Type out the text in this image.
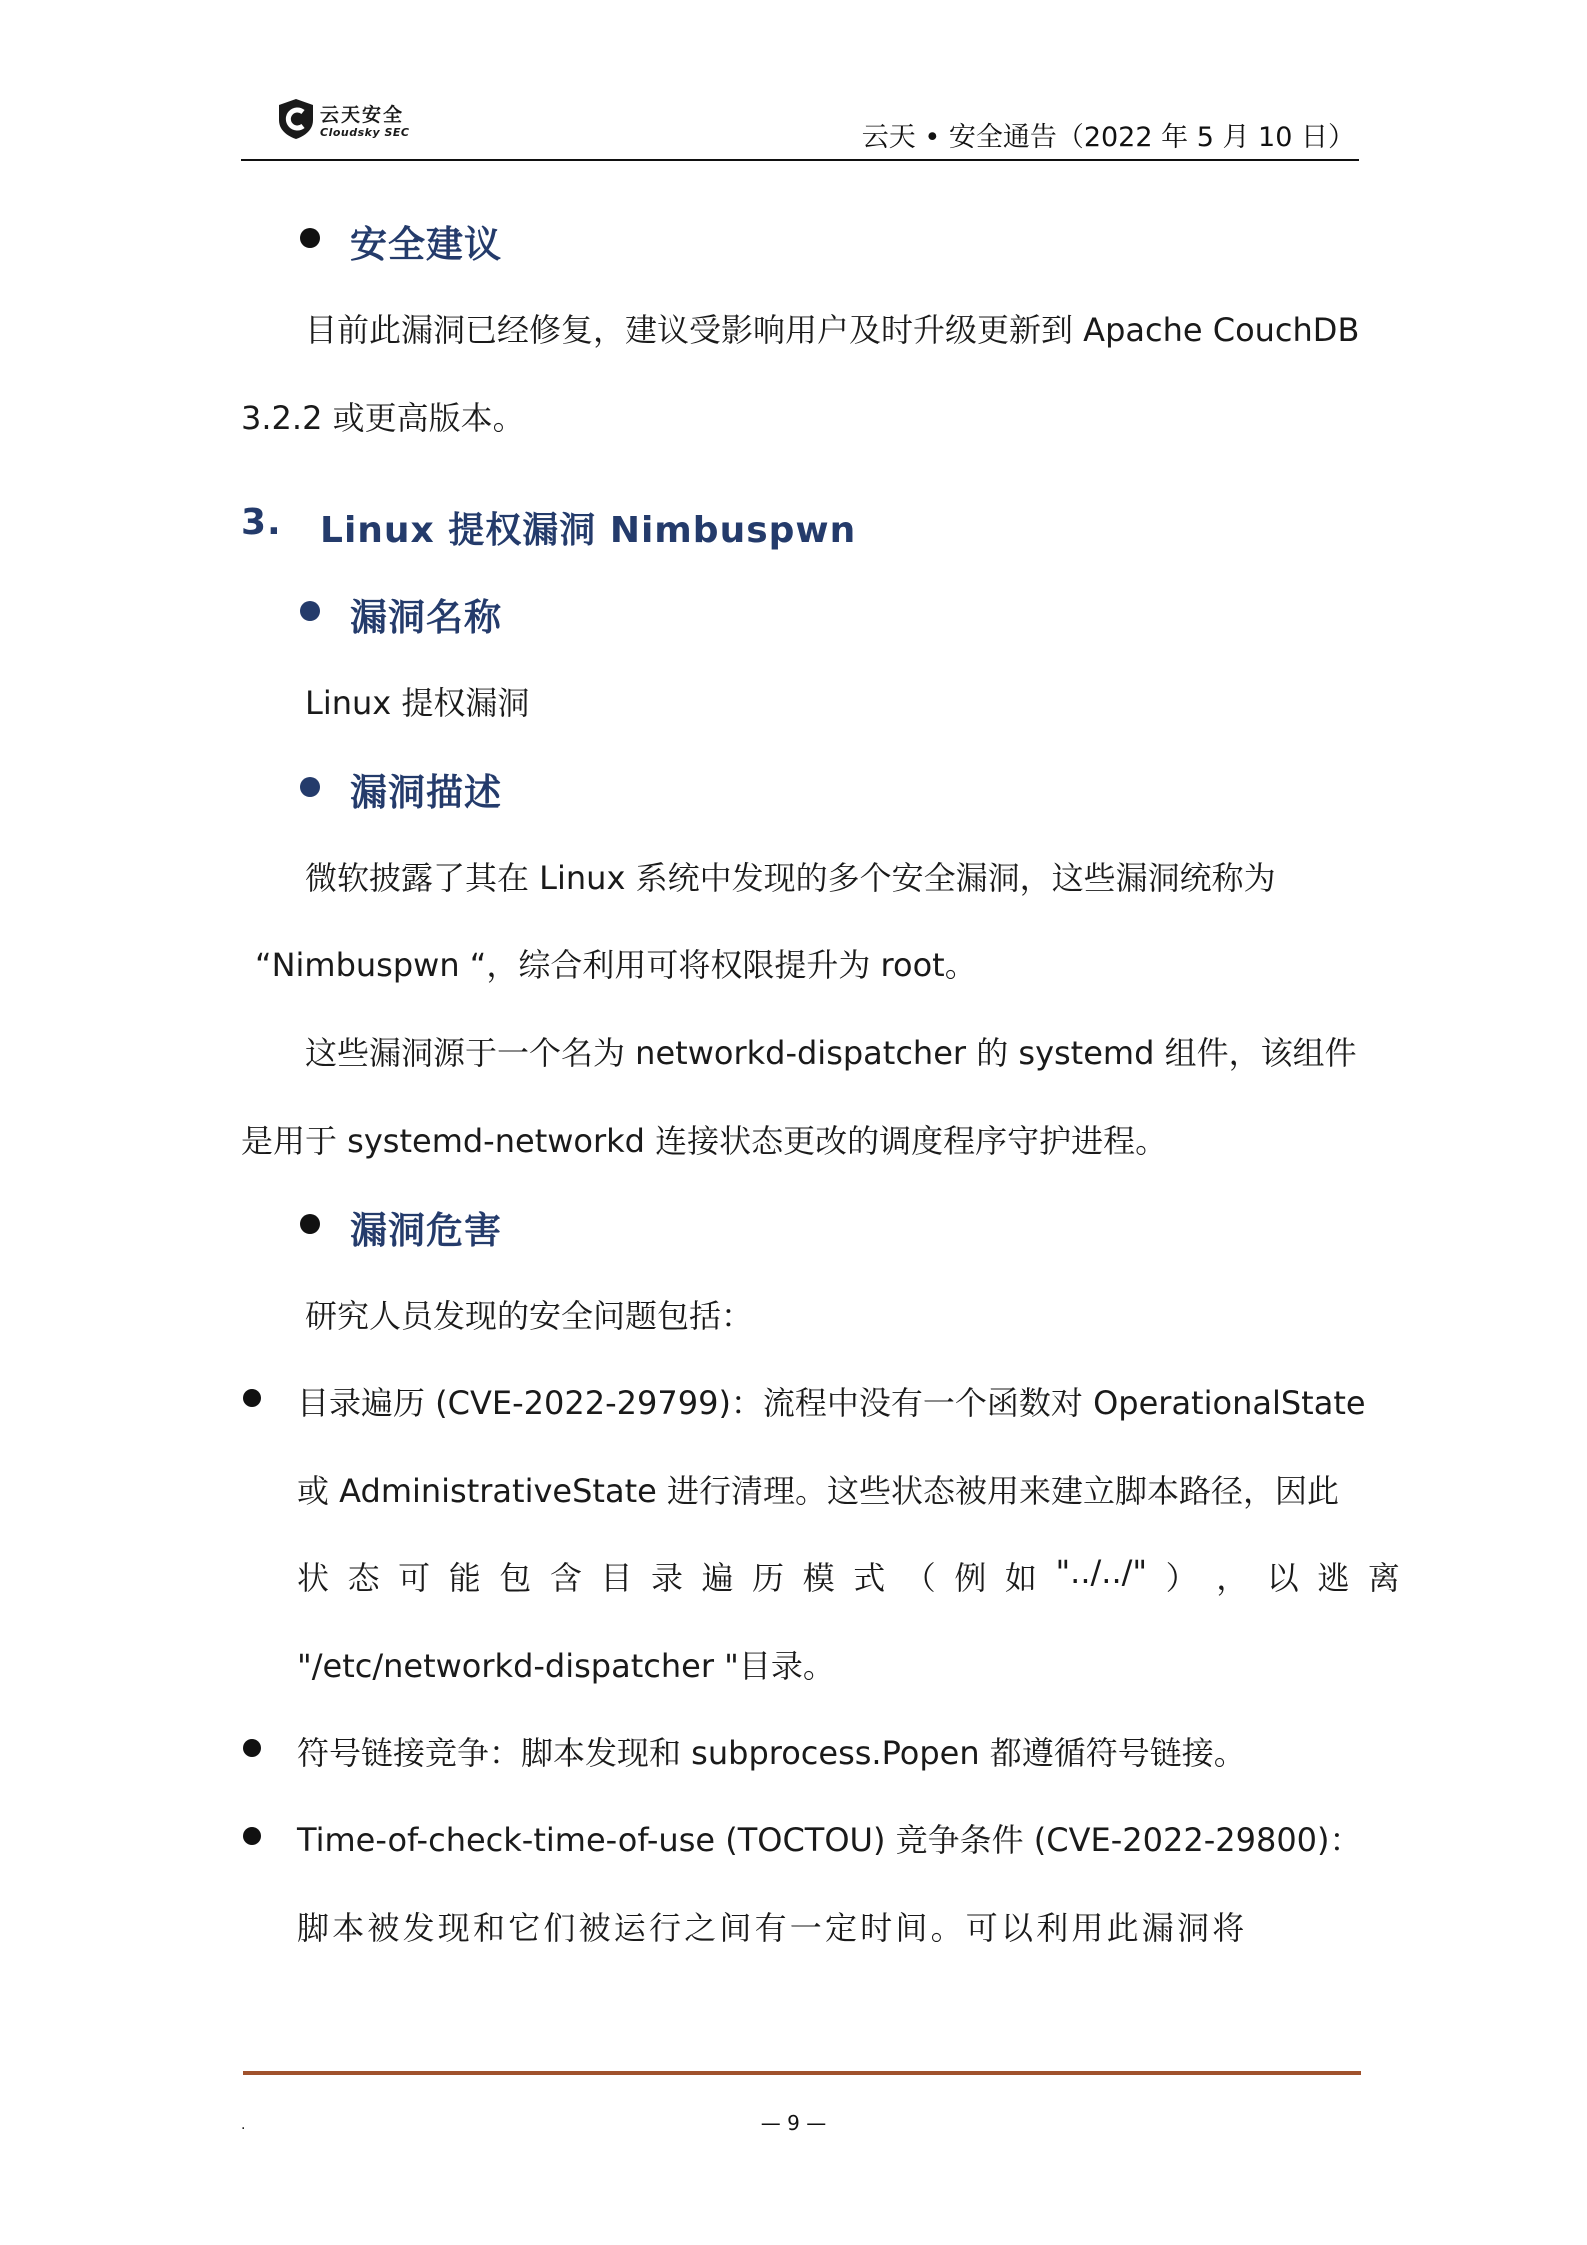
云天安全
Cloudsky SEC	云天 • 安全通告（2022 年 5 月 10 日）
安全建议
目前此漏洞已经修复，建议受影响用户及时升级更新到 Apache CouchDB
3.2.2 或更高版本。
3. Linux 提权漏洞 Nimbuspwn
漏洞名称
Linux 提权漏洞
漏洞描述
微软披露了其在 Linux 系统中发现的多个安全漏洞，这些漏洞统称为
“Nimbuspwn “，综合利用可将权限提升为 root。
这些漏洞源于一个名为 networkd-dispatcher 的 systemd 组件，该组件
是用于 systemd-networkd 连接状态更改的调度程序守护进程。
漏洞危害
研究人员发现的安全问题包括：
目录遍历 (CVE-2022-29799)：流程中没有一个函数对 OperationalState
或 AdministrativeState 进行清理。这些状态被用来建立脚本路径，因此
状 态 可 能 包 含 目 录 遍 历 模 式 （ 例 如 "../../" ） ， 以 逃 离
"/etc/networkd-dispatcher "目录。
符号链接竞争：脚本发现和 subprocess.Popen 都遵循符号链接。
Time-of-check-time-of-use (TOCTOU) 竞争条件 (CVE-2022-29800)：
脚本被发现和它们被运行之间有一定时间。可以利用此漏洞将
.	— 9 —
